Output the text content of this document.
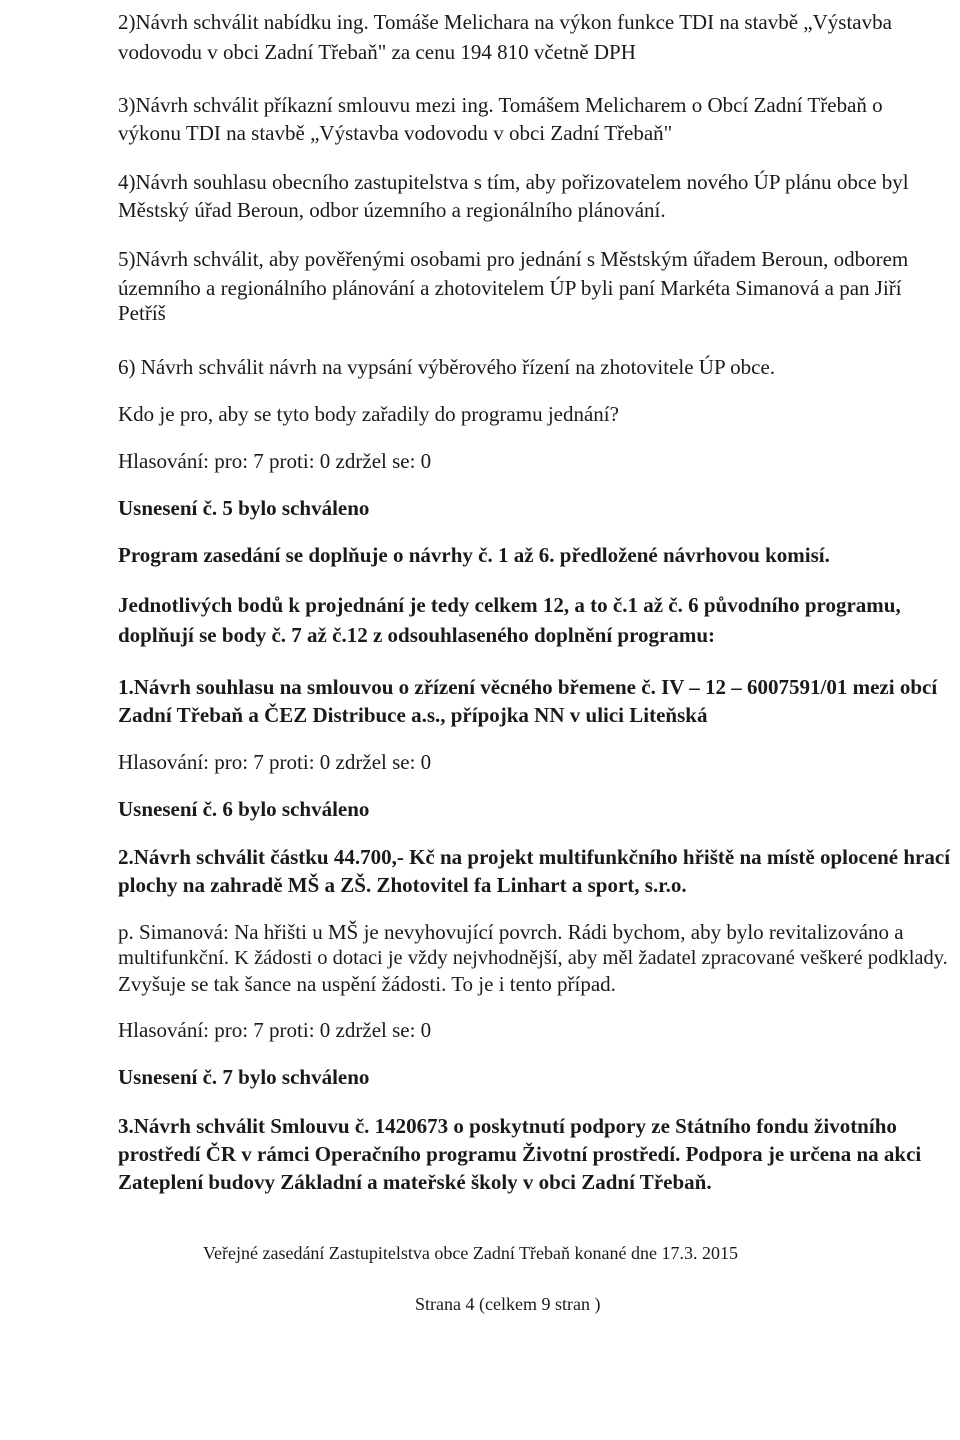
2)Návrh schválit nabídku ing. Tomáše Melichara na výkon funkce TDI na stavbě „Výstavba
vodovodu v obci Zadní Třebaň" za cenu 194 810 včetně DPH
3)Návrh schválit příkazní smlouvu mezi ing. Tomášem Melicharem o Obcí Zadní Třebaň o
výkonu TDI na stavbě „Výstavba vodovodu v obci Zadní Třebaň"
4)Návrh souhlasu obecního zastupitelstva s tím, aby pořizovatelem nového ÚP plánu obce byl
Městský úřad Beroun, odbor územního a regionálního plánování.
5)Návrh schválit, aby pověřenými osobami pro jednání s Městským úřadem Beroun, odborem
územního a regionálního plánování a zhotovitelem ÚP byli paní Markéta Simanová a pan Jiří
Petříš
6) Návrh schválit návrh na vypsání výběrového řízení na zhotovitele ÚP obce.
Kdo je pro, aby se tyto body zařadily do programu jednání?
Hlasování: pro: 7 proti: 0 zdržel se: 0
Usnesení č. 5 bylo schváleno
Program zasedání se doplňuje o návrhy č. 1 až 6. předložené návrhovou komisí.
Jednotlivých bodů k projednání je tedy celkem 12, a to č.1 až č. 6 původního programu,
doplňují se body č. 7 až č.12 z odsouhlaseného doplnění programu:
1.Návrh souhlasu na smlouvou o zřízení věcného břemene č. IV – 12 – 6007591/01 mezi obcí
Zadní Třebaň a ČEZ Distribuce a.s., přípojka NN v ulici Liteňská
Hlasování: pro: 7 proti: 0 zdržel se: 0
Usnesení č. 6 bylo schváleno
2.Návrh schválit částku 44.700,- Kč na projekt multifunkčního hřiště na místě oplocené hrací
plochy na zahradě MŠ a ZŠ. Zhotovitel fa Linhart a sport, s.r.o.
p. Simanová: Na hřišti u MŠ je nevyhovující povrch. Rádi bychom, aby bylo revitalizováno a
multifunkční. K žádosti o dotaci je vždy nejvhodnější, aby měl žadatel zpracované veškeré podklady.
Zvyšuje se tak šance na uspění žádosti. To je i tento případ.
Hlasování: pro: 7 proti: 0 zdržel se: 0
Usnesení č. 7 bylo schváleno
3.Návrh schválit Smlouvu č. 1420673 o poskytnutí podpory ze Státního fondu životního
prostředí ČR v rámci Operačního programu Životní prostředí. Podpora je určena na akci
Zateplení budovy Základní a mateřské školy v obci Zadní Třebaň.
Veřejné zasedání Zastupitelstva obce Zadní Třebaň konané dne 17.3. 2015
Strana 4 (celkem 9 stran )
